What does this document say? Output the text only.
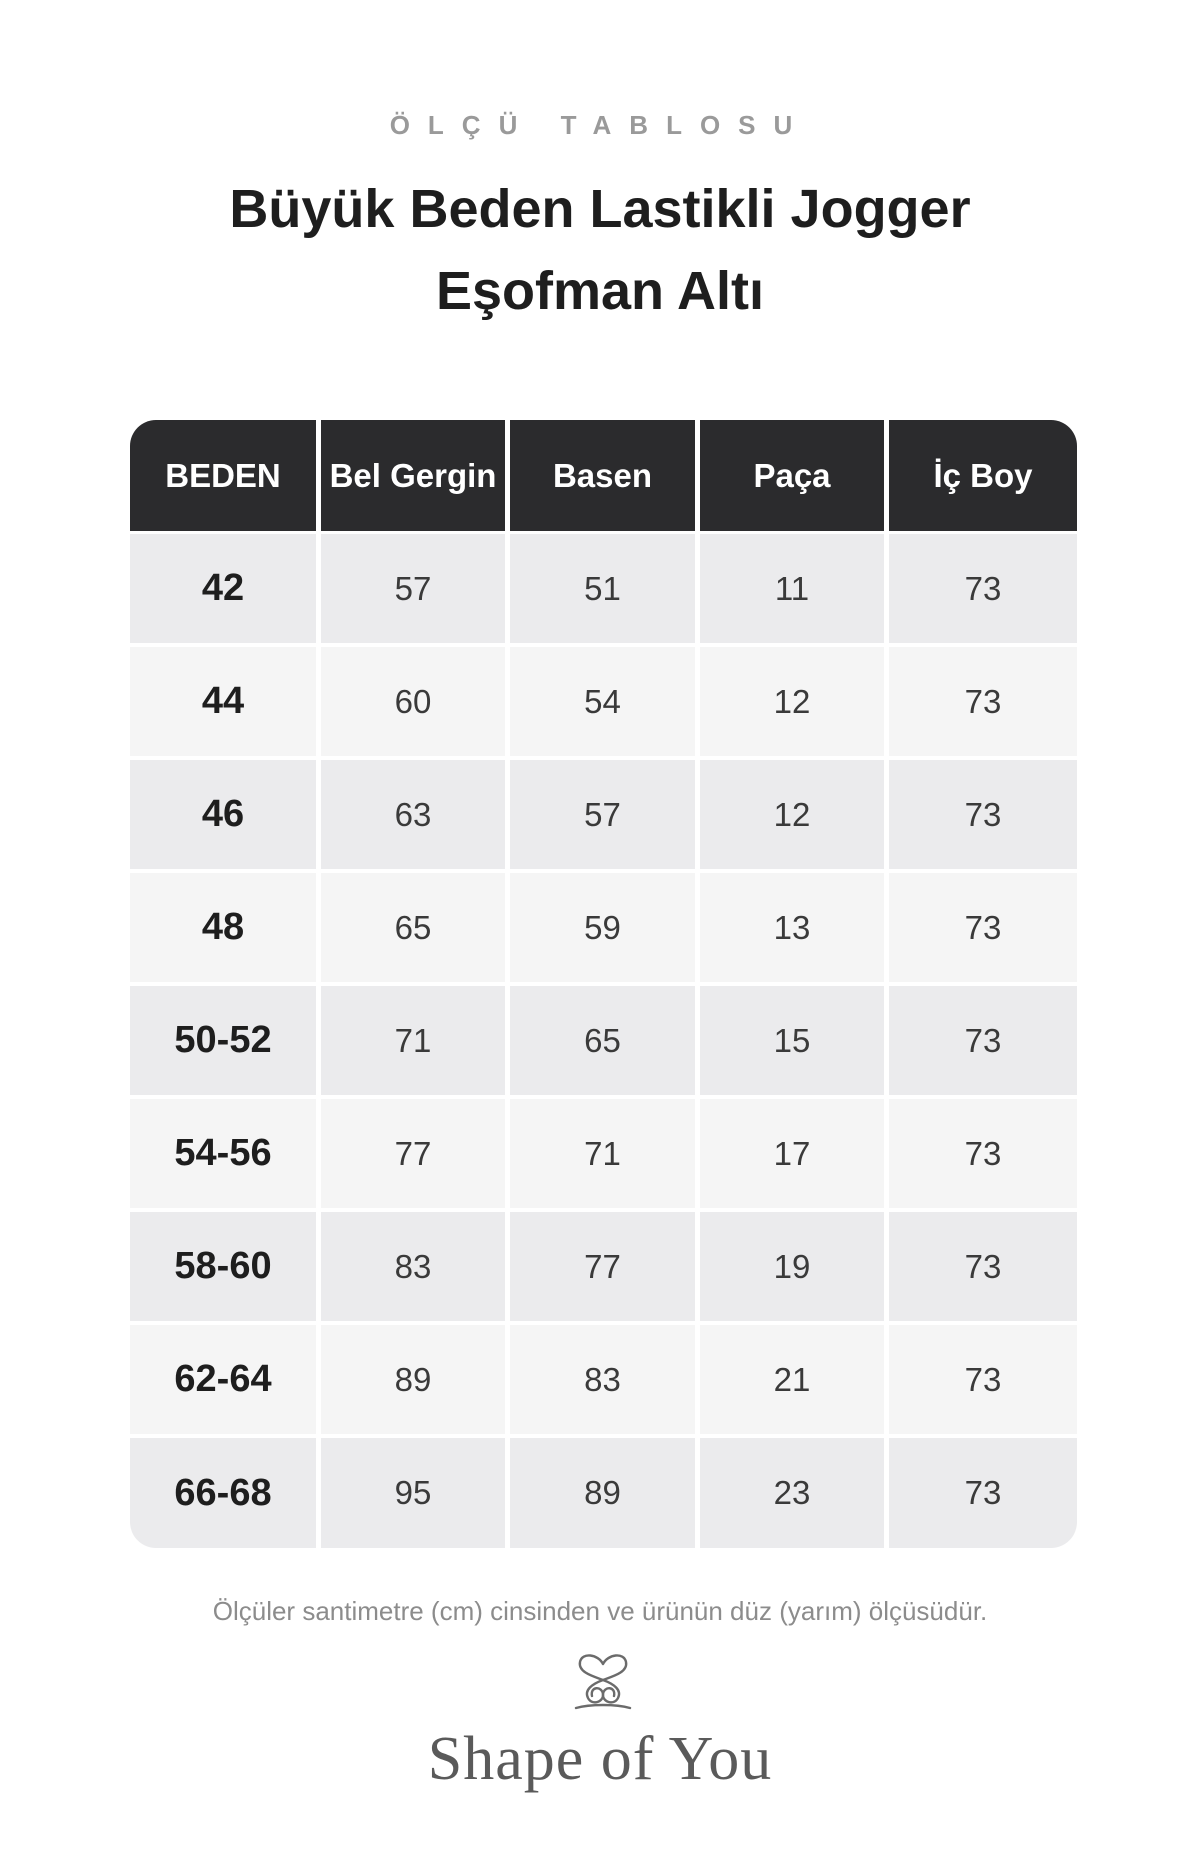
ÖLÇÜ TABLOSU
Büyük Beden Lastikli Jogger
Eşofman Altı
BEDEN	Bel Gergin	Basen	Paça	İç Boy
42	57	51	11	73
44	60	54	12	73
46	63	57	12	73
48	65	59	13	73
50-52	71	65	15	73
54-56	77	71	17	73
58-60	83	77	19	73
62-64	89	83	21	73
66-68	95	89	23	73
Ölçüler santimetre (cm) cinsinden ve ürünün düz (yarım) ölçüsüdür.
Shape of You
